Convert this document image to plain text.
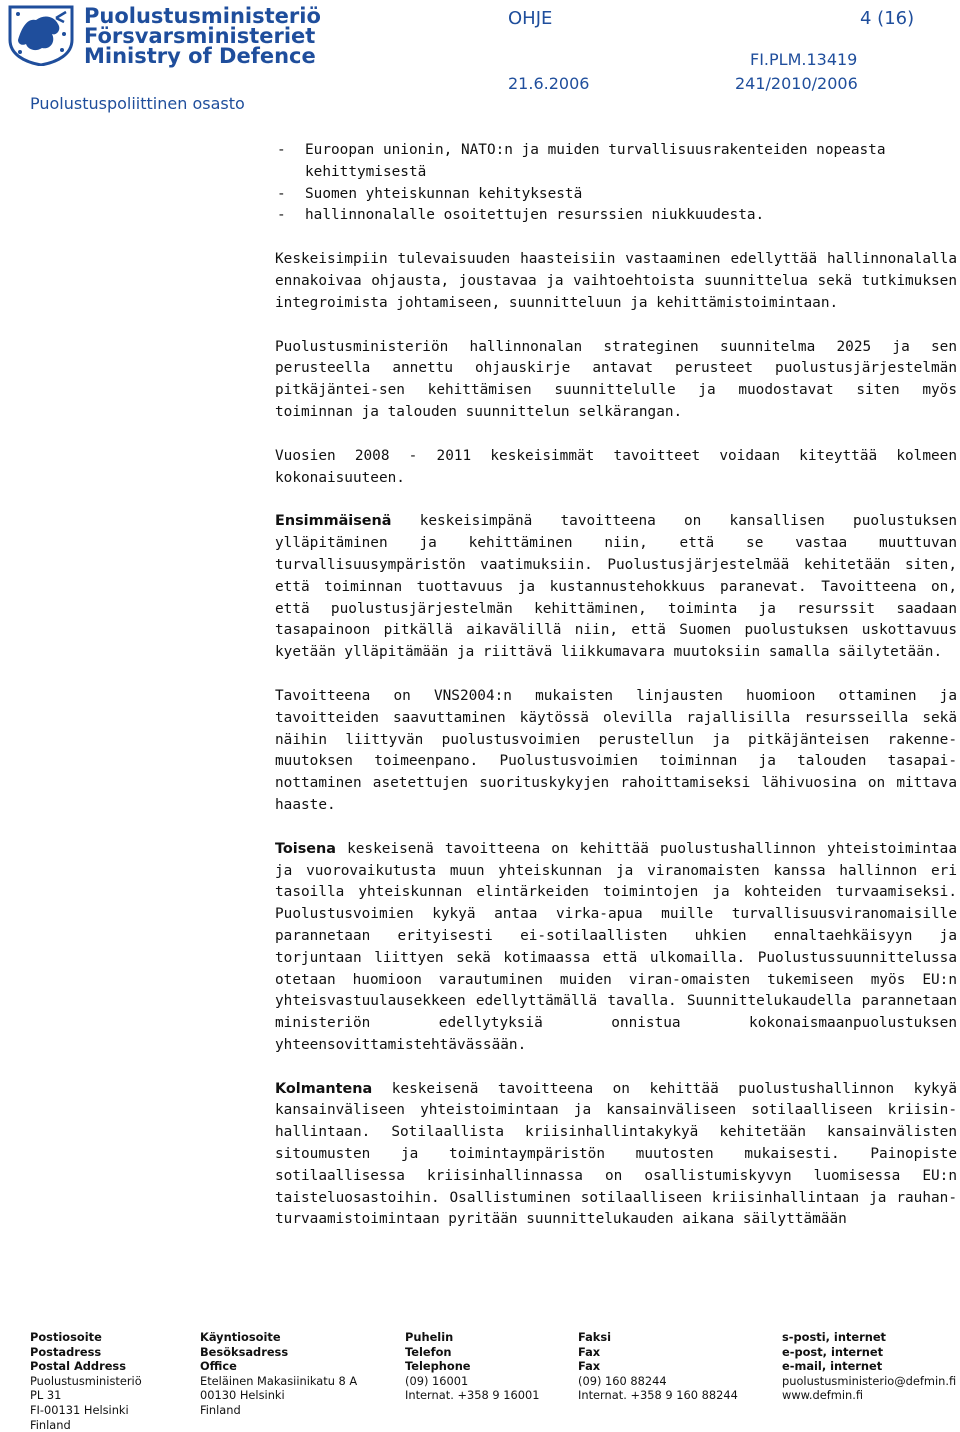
Puolustusministeriö
Försvarsministeriet
Ministry of Defence
Puolustuspoliittinen osasto
OHJE	4 (16)
FI.PLM.13419
21.6.2006	241/2010/2006
- Euroopan unionin, NATO:n ja muiden turvallisuusrakenteiden nopeasta kehittymisestä
- Suomen yhteiskunnan kehityksestä
- hallinnonalalle osoitettujen resurssien niukkuudesta.

Keskeisimpiin tulevaisuuden haasteisiin vastaaminen edellyttää hallinnonalalla ennakoivaa ohjausta, joustavaa ja vaihtoehtoista suunnittelua sekä tutkimuksen integroimista johtamiseen, suunnitteluun ja kehittämistoimintaan.

Puolustusministeriön hallinnonalan strateginen suunnitelma 2025 ja sen perusteella annettu ohjauskirje antavat perusteet puolustusjärjestelmän pitkäjäntei-sen kehittämisen suunnittelulle ja muodostavat siten myös toiminnan ja talouden suunnittelun selkärangan.

Vuosien 2008 - 2011 keskeisimmät tavoitteet voidaan kiteyttää kolmeen kokonaisuuteen.

Ensimmäisenä keskeisimpänä tavoitteena on kansallisen puolustuksen ylläpitäminen ja kehittäminen niin, että se vastaa muuttuvan turvallisuusympäristön vaatimuksiin. Puolustusjärjestelmää kehitetään siten, että toiminnan tuottavuus ja kustannustehokkuus paranevat. Tavoitteena on, että puolustusjärjestelmän kehittäminen, toiminta ja resurssit saadaan tasapainoon pitkällä aikavälillä niin, että Suomen puolustuksen uskottavuus kyetään ylläpitämään ja riittävä liikkumavara muutoksiin samalla säilytetään.

Tavoitteena on VNS2004:n mukaisten linjausten huomioon ottaminen ja tavoitteiden saavuttaminen käytössä olevilla rajallisilla resursseilla sekä näihin liittyvän puolustusvoimien perustellun ja pitkäjänteisen rakenne-muutoksen toimeenpano. Puolustusvoimien toiminnan ja talouden tasapai-nottaminen asetettujen suorituskykyjen rahoittamiseksi lähivuosina on mittava haaste.

Toisena keskeisenä tavoitteena on kehittää puolustushallinnon yhteistoimintaa ja vuorovaikutusta muun yhteiskunnan ja viranomaisten kanssa hallinnon eri tasoilla yhteiskunnan elintärkeiden toimintojen ja kohteiden turvaamiseksi. Puolustusvoimien kykyä antaa virka-apua muille turvallisuusviranomaisille parannetaan erityisesti ei-sotilaallisten uhkien ennaltaehkäisyyn ja torjuntaan liittyen sekä kotimaassa että ulkomailla. Puolustussuunnittelussa otetaan huomioon varautuminen muiden viran-omaisten tukemiseen myös EU:n yhteisvastuulausekkeen edellyttämällä tavalla. Suunnittelukaudella parannetaan ministeriön edellytyksiä onnistua kokonaismaanpuolustuksen yhteensovittamistehtävässään.

Kolmantena keskeisenä tavoitteena on kehittää puolustushallinnon kykyä kansainväliseen yhteistoimintaan ja kansainväliseen sotilaalliseen kriisin-hallintaan. Sotilaallista kriisinhallintakykyä kehitetään kansainvälisten sitoumusten ja toimintaympäristön muutosten mukaisesti. Painopiste sotilaallisessa kriisinhallinnassa on osallistumiskyvyn luomisessa EU:n taisteluosastoihin. Osallistuminen sotilaalliseen kriisinhallintaan ja rauhan-turvaamistoimintaan pyritään suunnittelukauden aikana säilyttämään

Postiosoite
Postadress
Postal Address
Puolustusministeriö
PL 31
FI-00131 Helsinki
Finland
Käyntiosoite
Besöksadress
Office
Eteläinen Makasiinikatu 8 A
00130 Helsinki
Finland
Puhelin
Telefon
Telephone
(09) 16001
Internat. +358 9 16001
Faksi
Fax
Fax
(09) 160 88244
Internat. +358 9 160 88244
s-posti, internet
e-post, internet
e-mail, internet
puolustusministerio@defmin.fi
www.defmin.fi
